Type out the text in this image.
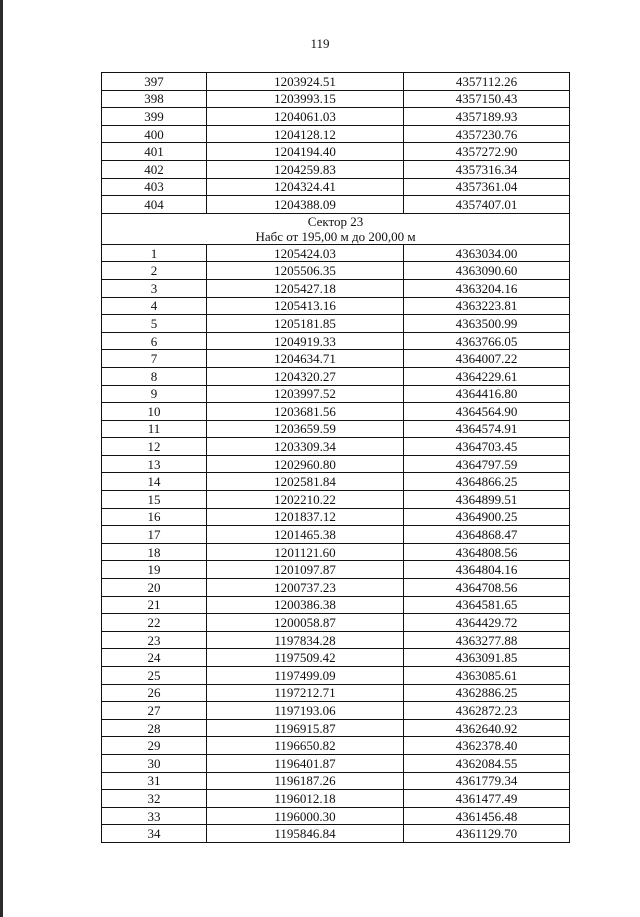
119
397	1203924.51	4357112.26
398	1203993.15	4357150.43
399	1204061.03	4357189.93
400	1204128.12	4357230.76
401	1204194.40	4357272.90
402	1204259.83	4357316.34
403	1204324.41	4357361.04
404	1204388.09	4357407.01

Сектор 23
Набс от 195,00 м до 200,00 м		

1	1205424.03	4363034.00
2	1205506.35	4363090.60
3	1205427.18	4363204.16
4	1205413.16	4363223.81
5	1205181.85	4363500.99
6	1204919.33	4363766.05
7	1204634.71	4364007.22
8	1204320.27	4364229.61
9	1203997.52	4364416.80
10	1203681.56	4364564.90
11	1203659.59	4364574.91
12	1203309.34	4364703.45
13	1202960.80	4364797.59
14	1202581.84	4364866.25
15	1202210.22	4364899.51
16	1201837.12	4364900.25
17	1201465.38	4364868.47
18	1201121.60	4364808.56
19	1201097.87	4364804.16
20	1200737.23	4364708.56
21	1200386.38	4364581.65
22	1200058.87	4364429.72
23	1197834.28	4363277.88
24	1197509.42	4363091.85
25	1197499.09	4363085.61
26	1197212.71	4362886.25
27	1197193.06	4362872.23
28	1196915.87	4362640.92
29	1196650.82	4362378.40
30	1196401.87	4362084.55
31	1196187.26	4361779.34
32	1196012.18	4361477.49
33	1196000.30	4361456.48
34	1195846.84	4361129.70
